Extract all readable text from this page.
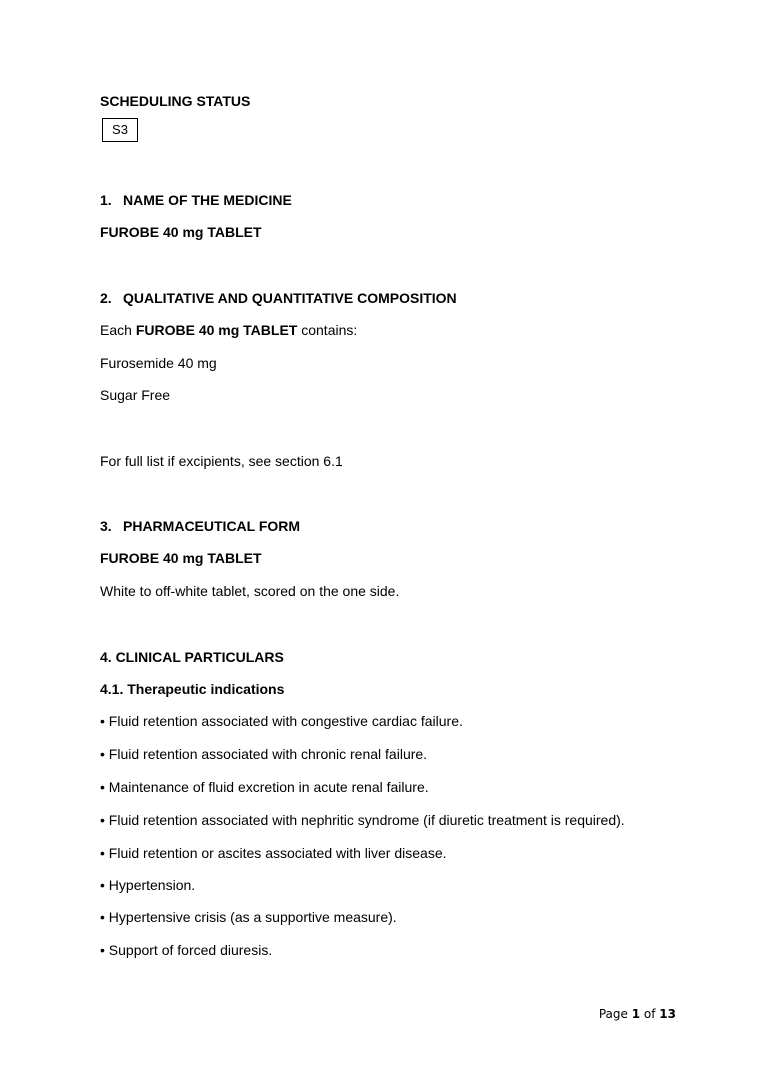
SCHEDULING STATUS
S3
1. NAME OF THE MEDICINE
FUROBE 40 mg TABLET
2. QUALITATIVE AND QUANTITATIVE COMPOSITION
Each FUROBE 40 mg TABLET contains:
Furosemide 40 mg
Sugar Free
For full list if excipients, see section 6.1
3. PHARMACEUTICAL FORM
FUROBE 40 mg TABLET
White to off-white tablet, scored on the one side.
4. CLINICAL PARTICULARS
4.1. Therapeutic indications
• Fluid retention associated with congestive cardiac failure.
• Fluid retention associated with chronic renal failure.
• Maintenance of fluid excretion in acute renal failure.
• Fluid retention associated with nephritic syndrome (if diuretic treatment is required).
• Fluid retention or ascites associated with liver disease.
• Hypertension.
• Hypertensive crisis (as a supportive measure).
• Support of forced diuresis.
Page 1 of 13
